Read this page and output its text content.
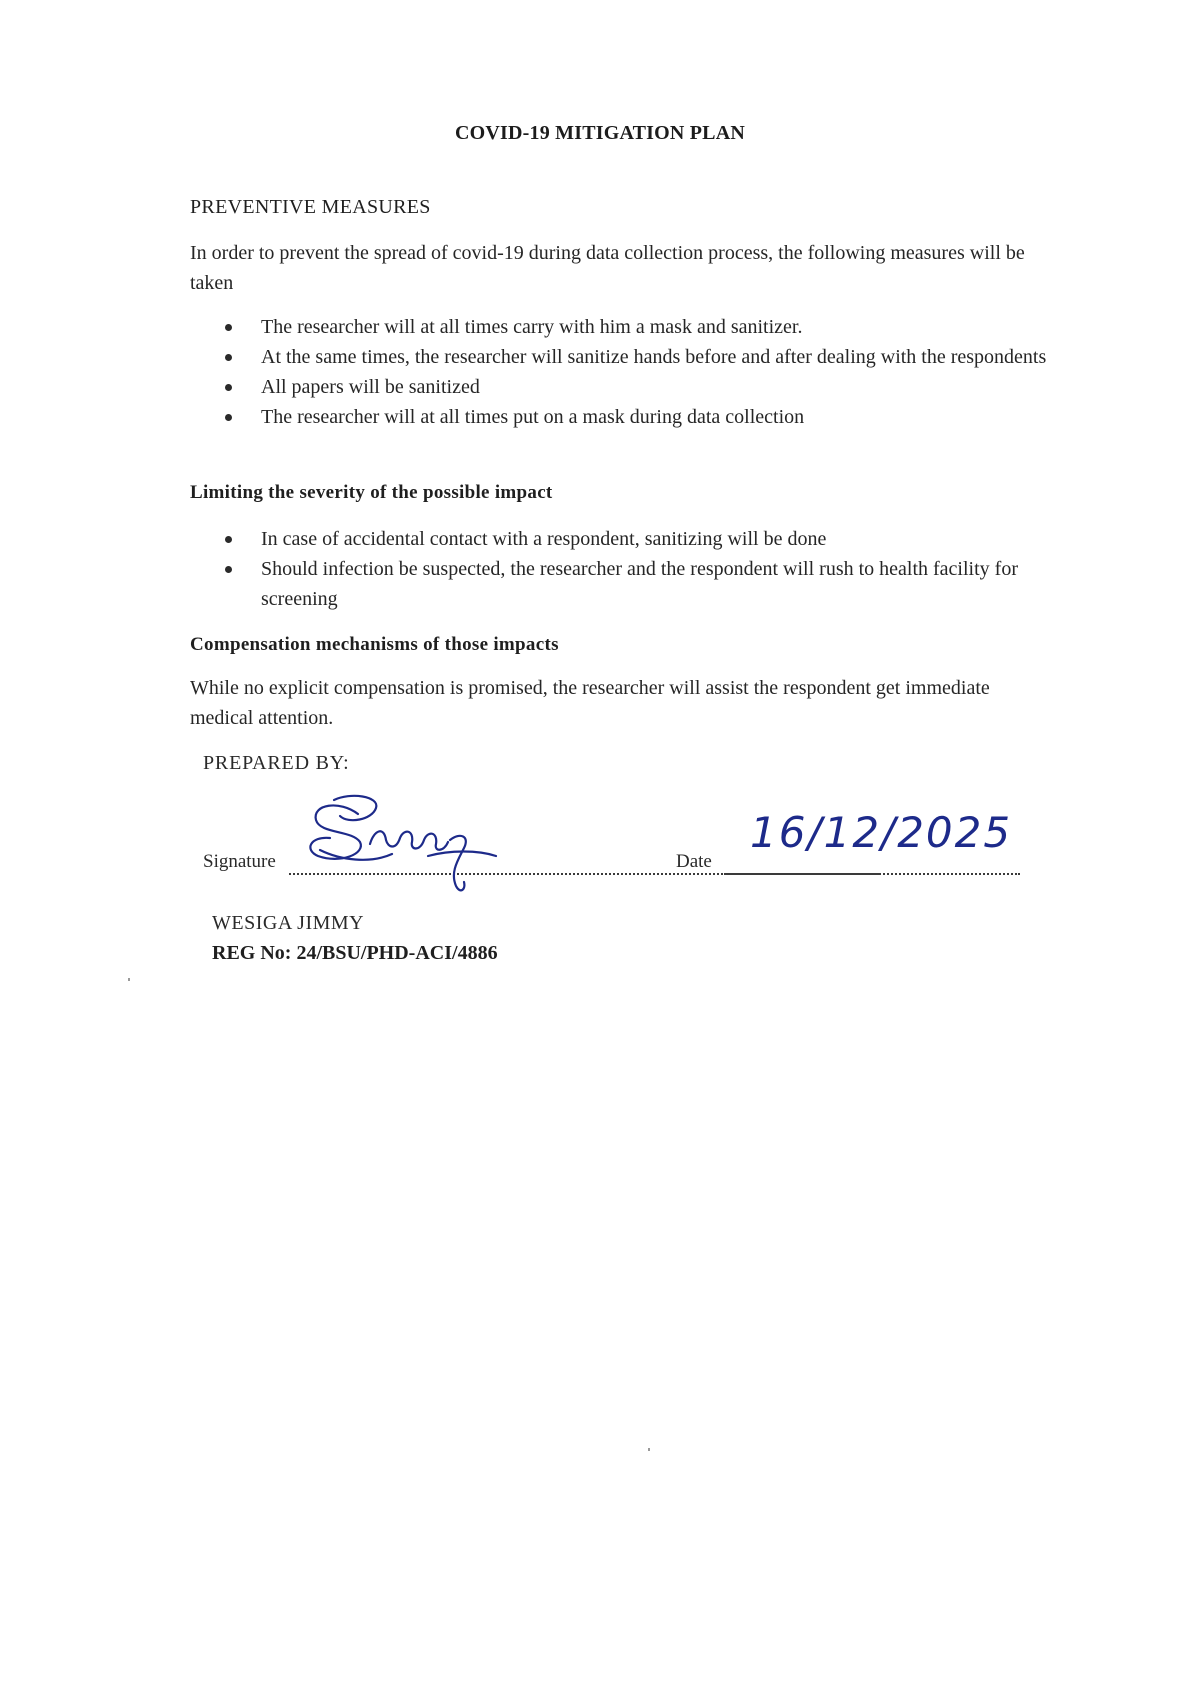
COVID-19 MITIGATION PLAN
PREVENTIVE MEASURES
In order to prevent the spread of covid-19 during data collection process, the following measures will be taken
The researcher will at all times carry with him a mask and sanitizer.
At the same times, the researcher will sanitize hands before and after dealing with the respondents
All papers will be sanitized
The researcher will at all times put on a mask during data collection
Limiting the severity of the possible impact
In case of accidental contact with a respondent, sanitizing will be done
Should infection be suspected, the researcher and the respondent will rush to health facility for screening
Compensation mechanisms of those impacts
While no explicit compensation is promised, the researcher will assist the respondent get immediate medical attention.
PREPARED BY:
Signature	Date
16/12/2025
WESIGA JIMMY
REG No: 24/BSU/PHD-ACI/4886
